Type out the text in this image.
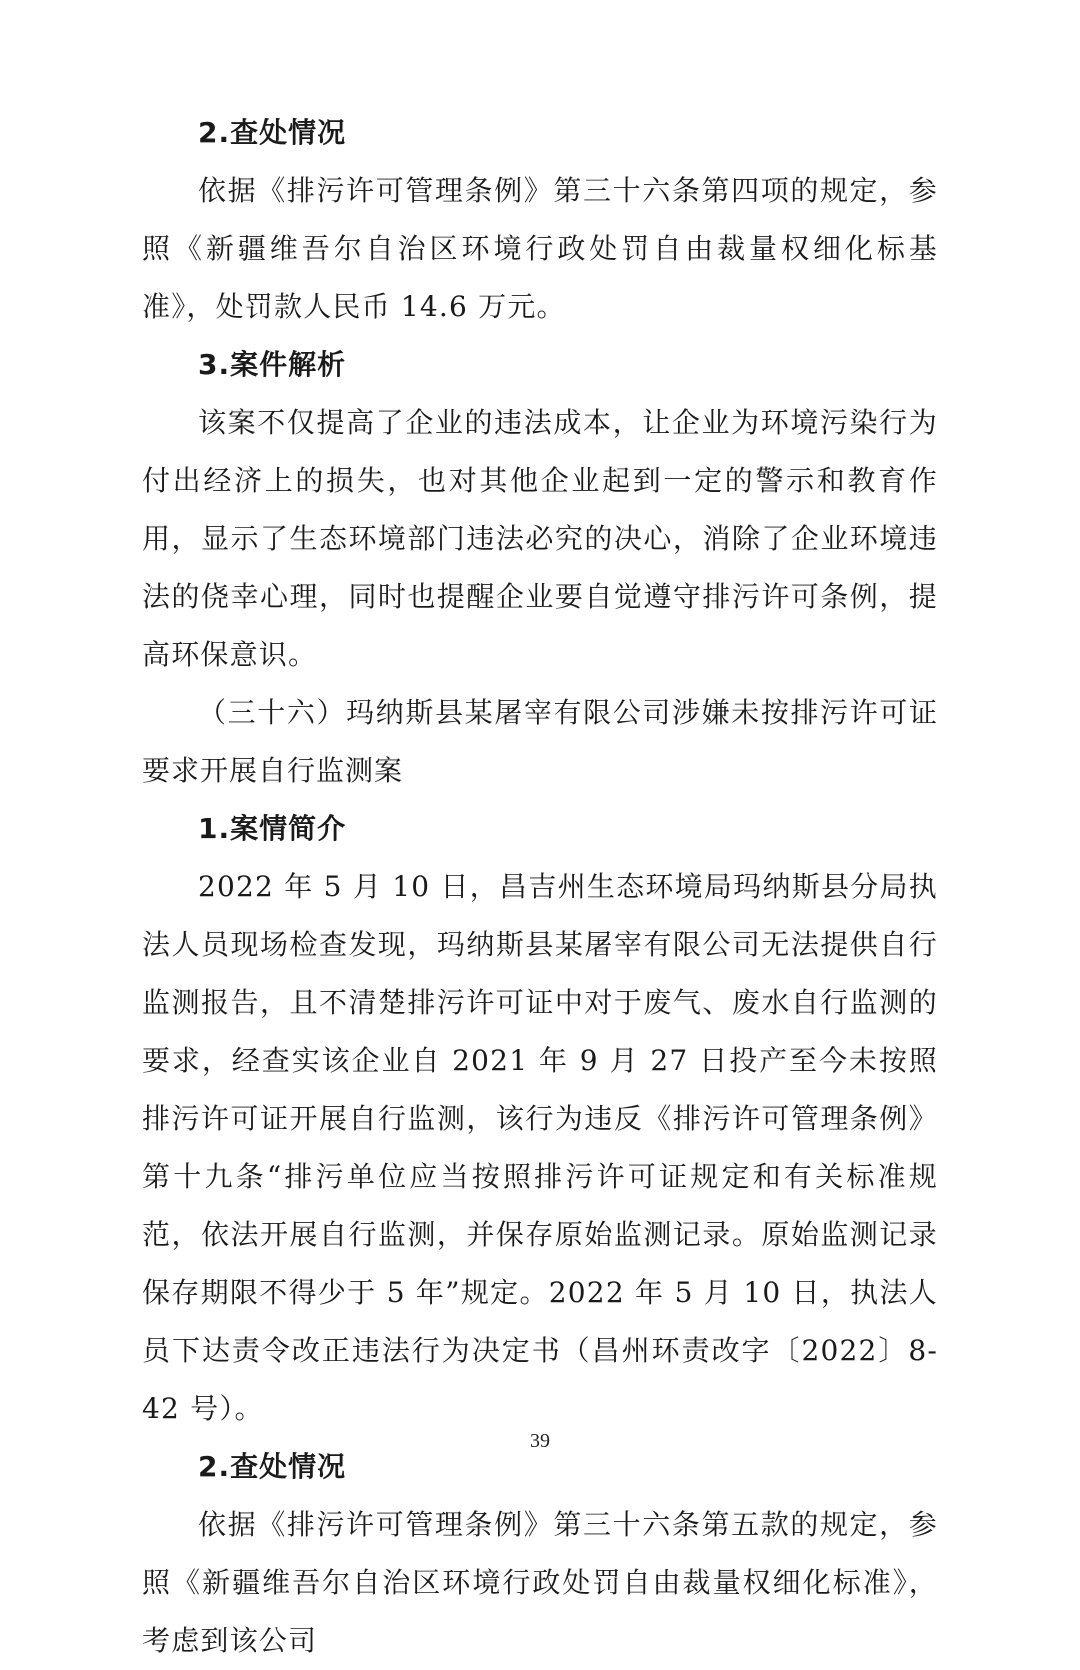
2.查处情况

依据《排污许可管理条例》第三十六条第四项的规定，参照《新疆维吾尔自治区环境行政处罚自由裁量权细化标基准》，处罚款人民币 14.6 万元。

3.案件解析

该案不仅提高了企业的违法成本，让企业为环境污染行为付出经济上的损失，也对其他企业起到一定的警示和教育作用，显示了生态环境部门违法必究的决心，消除了企业环境违法的侥幸心理，同时也提醒企业要自觉遵守排污许可条例，提高环保意识。

（三十六）玛纳斯县某屠宰有限公司涉嫌未按排污许可证要求开展自行监测案

1.案情简介

2022 年 5 月 10 日，昌吉州生态环境局玛纳斯县分局执法人员现场检查发现，玛纳斯县某屠宰有限公司无法提供自行监测报告，且不清楚排污许可证中对于废气、废水自行监测的要求，经查实该企业自 2021 年 9 月 27 日投产至今未按照排污许可证开展自行监测，该行为违反《排污许可管理条例》第十九条“排污单位应当按照排污许可证规定和有关标准规范，依法开展自行监测，并保存原始监测记录。原始监测记录保存期限不得少于 5 年”规定。2022 年 5 月 10 日，执法人员下达责令改正违法行为决定书（昌州环责改字〔2022〕8-42 号）。

2.查处情况

依据《排污许可管理条例》第三十六条第五款的规定，参照《新疆维吾尔自治区环境行政处罚自由裁量权细化标准》，考虑到该公司

39
